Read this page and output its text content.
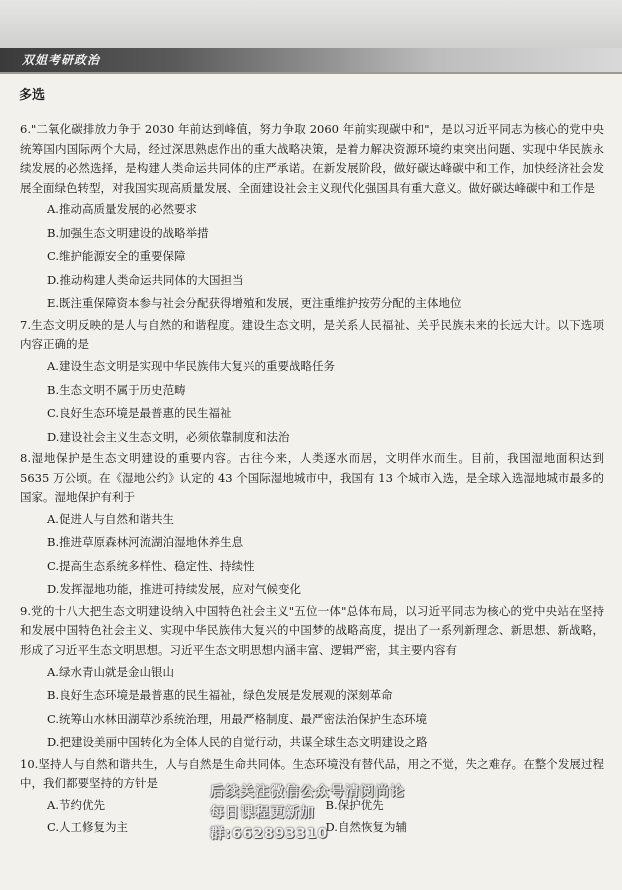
双姐考研政治
多选

6."二氧化碳排放力争于 2030 年前达到峰值，努力争取 2060 年前实现碳中和"，是以习近平同志为核心的党中央统筹国内国际两个大局，经过深思熟虑作出的重大战略决策，是着力解决资源环境约束突出问题、实现中华民族永续发展的必然选择，是构建人类命运共同体的庄严承诺。在新发展阶段，做好碳达峰碳中和工作，加快经济社会发展全面绿色转型，对我国实现高质量发展、全面建设社会主义现代化强国具有重大意义。做好碳达峰碳中和工作是

A.推动高质量发展的必然要求

B.加强生态文明建设的战略举措

C.维护能源安全的重要保障

D.推动构建人类命运共同体的大国担当

E.既注重保障资本参与社会分配获得增殖和发展，更注重维护按劳分配的主体地位

7.生态文明反映的是人与自然的和谐程度。建设生态文明，是关系人民福祉、关乎民族未来的长远大计。以下选项内容正确的是

A.建设生态文明是实现中华民族伟大复兴的重要战略任务

B.生态文明不属于历史范畴

C.良好生态环境是最普惠的民生福祉

D.建设社会主义生态文明，必须依靠制度和法治

8.湿地保护是生态文明建设的重要内容。古往今来，人类逐水而居，文明伴水而生。目前，我国湿地面积达到 5635 万公顷。在《湿地公约》认定的 43 个国际湿地城市中，我国有 13 个城市入选，是全球入选湿地城市最多的国家。湿地保护有利于

A.促进人与自然和谐共生

B.推进草原森林河流湖泊湿地休养生息

C.提高生态系统多样性、稳定性、持续性

D.发挥湿地功能，推进可持续发展，应对气候变化

9.党的十八大把生态文明建设纳入中国特色社会主义"五位一体"总体布局，以习近平同志为核心的党中央站在坚持和发展中国特色社会主义、实现中华民族伟大复兴的中国梦的战略高度，提出了一系列新理念、新思想、新战略，形成了习近平生态文明思想。习近平生态文明思想内涵丰富、逻辑严密，其主要内容有

A.绿水青山就是金山银山

B.良好生态环境是最普惠的民生福祉，绿色发展是发展观的深刻革命

C.统筹山水林田湖草沙系统治理，用最严格制度、最严密法治保护生态环境

D.把建设美丽中国转化为全体人民的自觉行动，共谋全球生态文明建设之路

10.坚持人与自然和谐共生，人与自然是生命共同体。生态环境没有替代品，用之不觉，失之难存。在整个发展过程中，我们都要坚持的方针是

A.节约优先	B.保护优先
C.人工修复为主	D.自然恢复为辅
后续关注微信公众号清阅尚论
每日课程更新加群:662893310
